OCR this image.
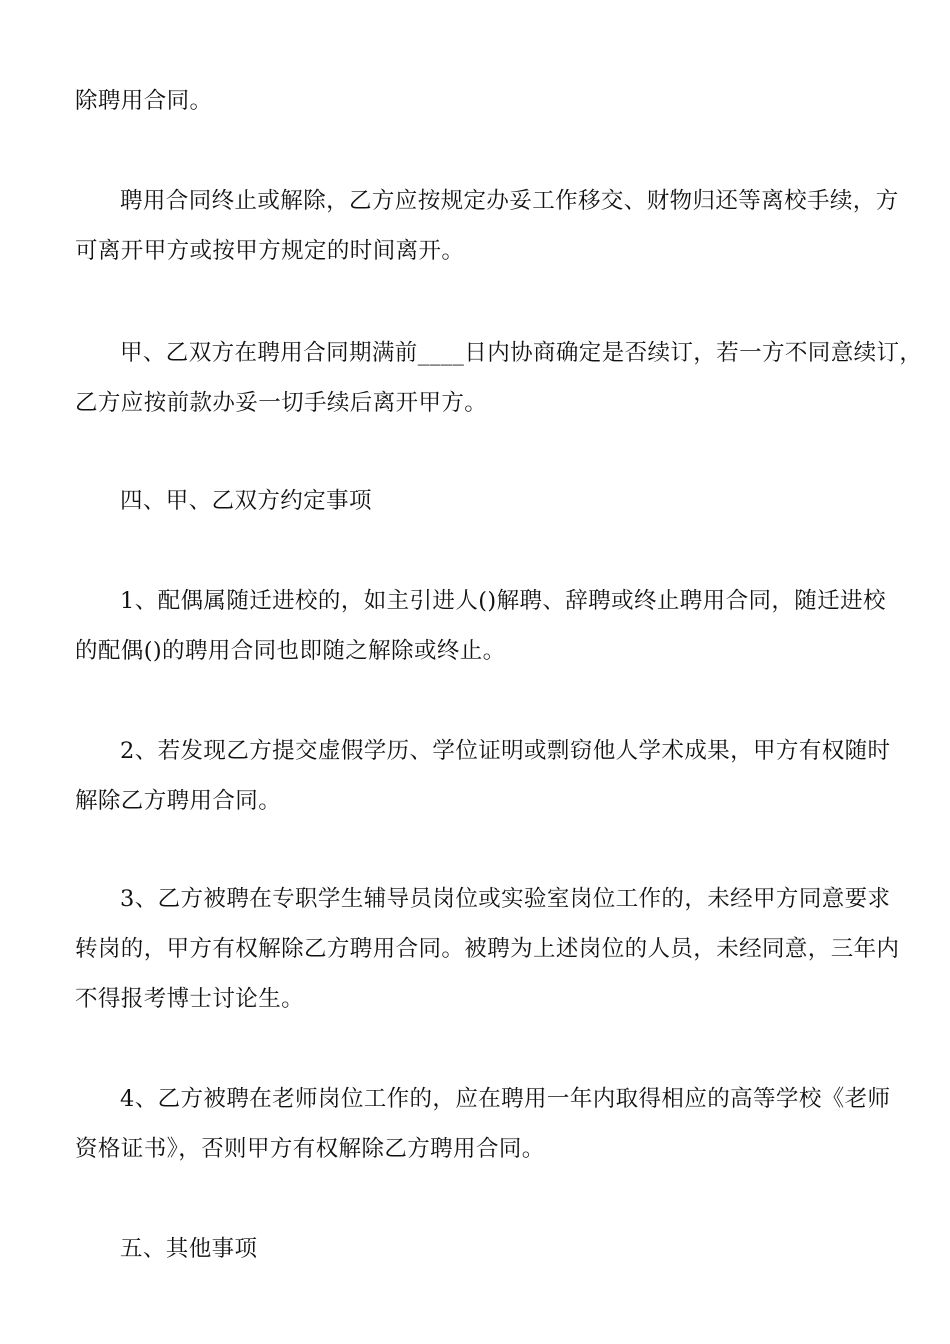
除聘用合同。
聘用合同终止或解除，乙方应按规定办妥工作移交、财物归还等离校手续，方
可离开甲方或按甲方规定的时间离开。
甲、乙双方在聘用合同期满前____日内协商确定是否续订，若一方不同意续订，
乙方应按前款办妥一切手续后离开甲方。
四、甲、乙双方约定事项
1、配偶属随迁进校的，如主引进人()解聘、辞聘或终止聘用合同，随迁进校
的配偶()的聘用合同也即随之解除或终止。
2、若发现乙方提交虚假学历、学位证明或剽窃他人学术成果，甲方有权随时
解除乙方聘用合同。
3、乙方被聘在专职学生辅导员岗位或实验室岗位工作的，未经甲方同意要求
转岗的，甲方有权解除乙方聘用合同。被聘为上述岗位的人员，未经同意，三年内
不得报考博士讨论生。
4、乙方被聘在老师岗位工作的，应在聘用一年内取得相应的高等学校《老师
资格证书》，否则甲方有权解除乙方聘用合同。
五、其他事项
